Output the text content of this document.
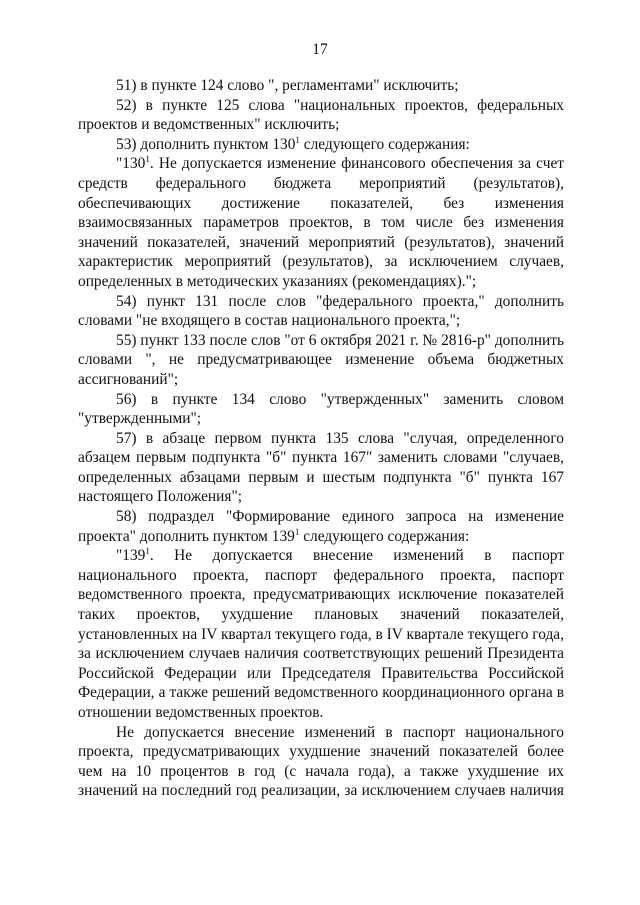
17

51) в пункте 124 слово ", регламентами" исключить;

52) в пункте 125 слова "национальных проектов, федеральных проектов и ведомственных" исключить;

53) дополнить пунктом $130^1$ следующего содержания:

"$130^1$. Не допускается изменение финансового обеспечения за счет средств федерального бюджета мероприятий (результатов), обеспечивающих достижение показателей, без изменения взаимосвязанных параметров проектов, в том числе без изменения значений показателей, значений мероприятий (результатов), значений характеристик мероприятий (результатов), за исключением случаев, определенных в методических указаниях (рекомендациях).";

54) пункт 131 после слов "федерального проекта," дополнить словами "не входящего в состав национального проекта,";

55) пункт 133 после слов "от 6 октября 2021 г. № 2816-р" дополнить словами ", не предусматривающее изменение объема бюджетных ассигнований";

56) в пункте 134 слово "утвержденных" заменить словом "утвержденными";

57) в абзаце первом пункта 135 слова "случая, определенного абзацем первым подпункта "б" пункта 167" заменить словами "случаев, определенных абзацами первым и шестым подпункта "б" пункта 167 настоящего Положения";

58) подраздел "Формирование единого запроса на изменение проекта" дополнить пунктом $139^1$ следующего содержания:

"$139^1$. Не допускается внесение изменений в паспорт национального проекта, паспорт федерального проекта, паспорт ведомственного проекта, предусматривающих исключение показателей таких проектов, ухудшение плановых значений показателей, установленных на IV квартал текущего года, в IV квартале текущего года, за исключением случаев наличия соответствующих решений Президента Российской Федерации или Председателя Правительства Российской Федерации, а также решений ведомственного координационного органа в отношении ведомственных проектов.

Не допускается внесение изменений в паспорт национального проекта, предусматривающих ухудшение значений показателей более чем на 10 процентов в год (с начала года), а также ухудшение их значений на последний год реализации, за исключением случаев наличия
